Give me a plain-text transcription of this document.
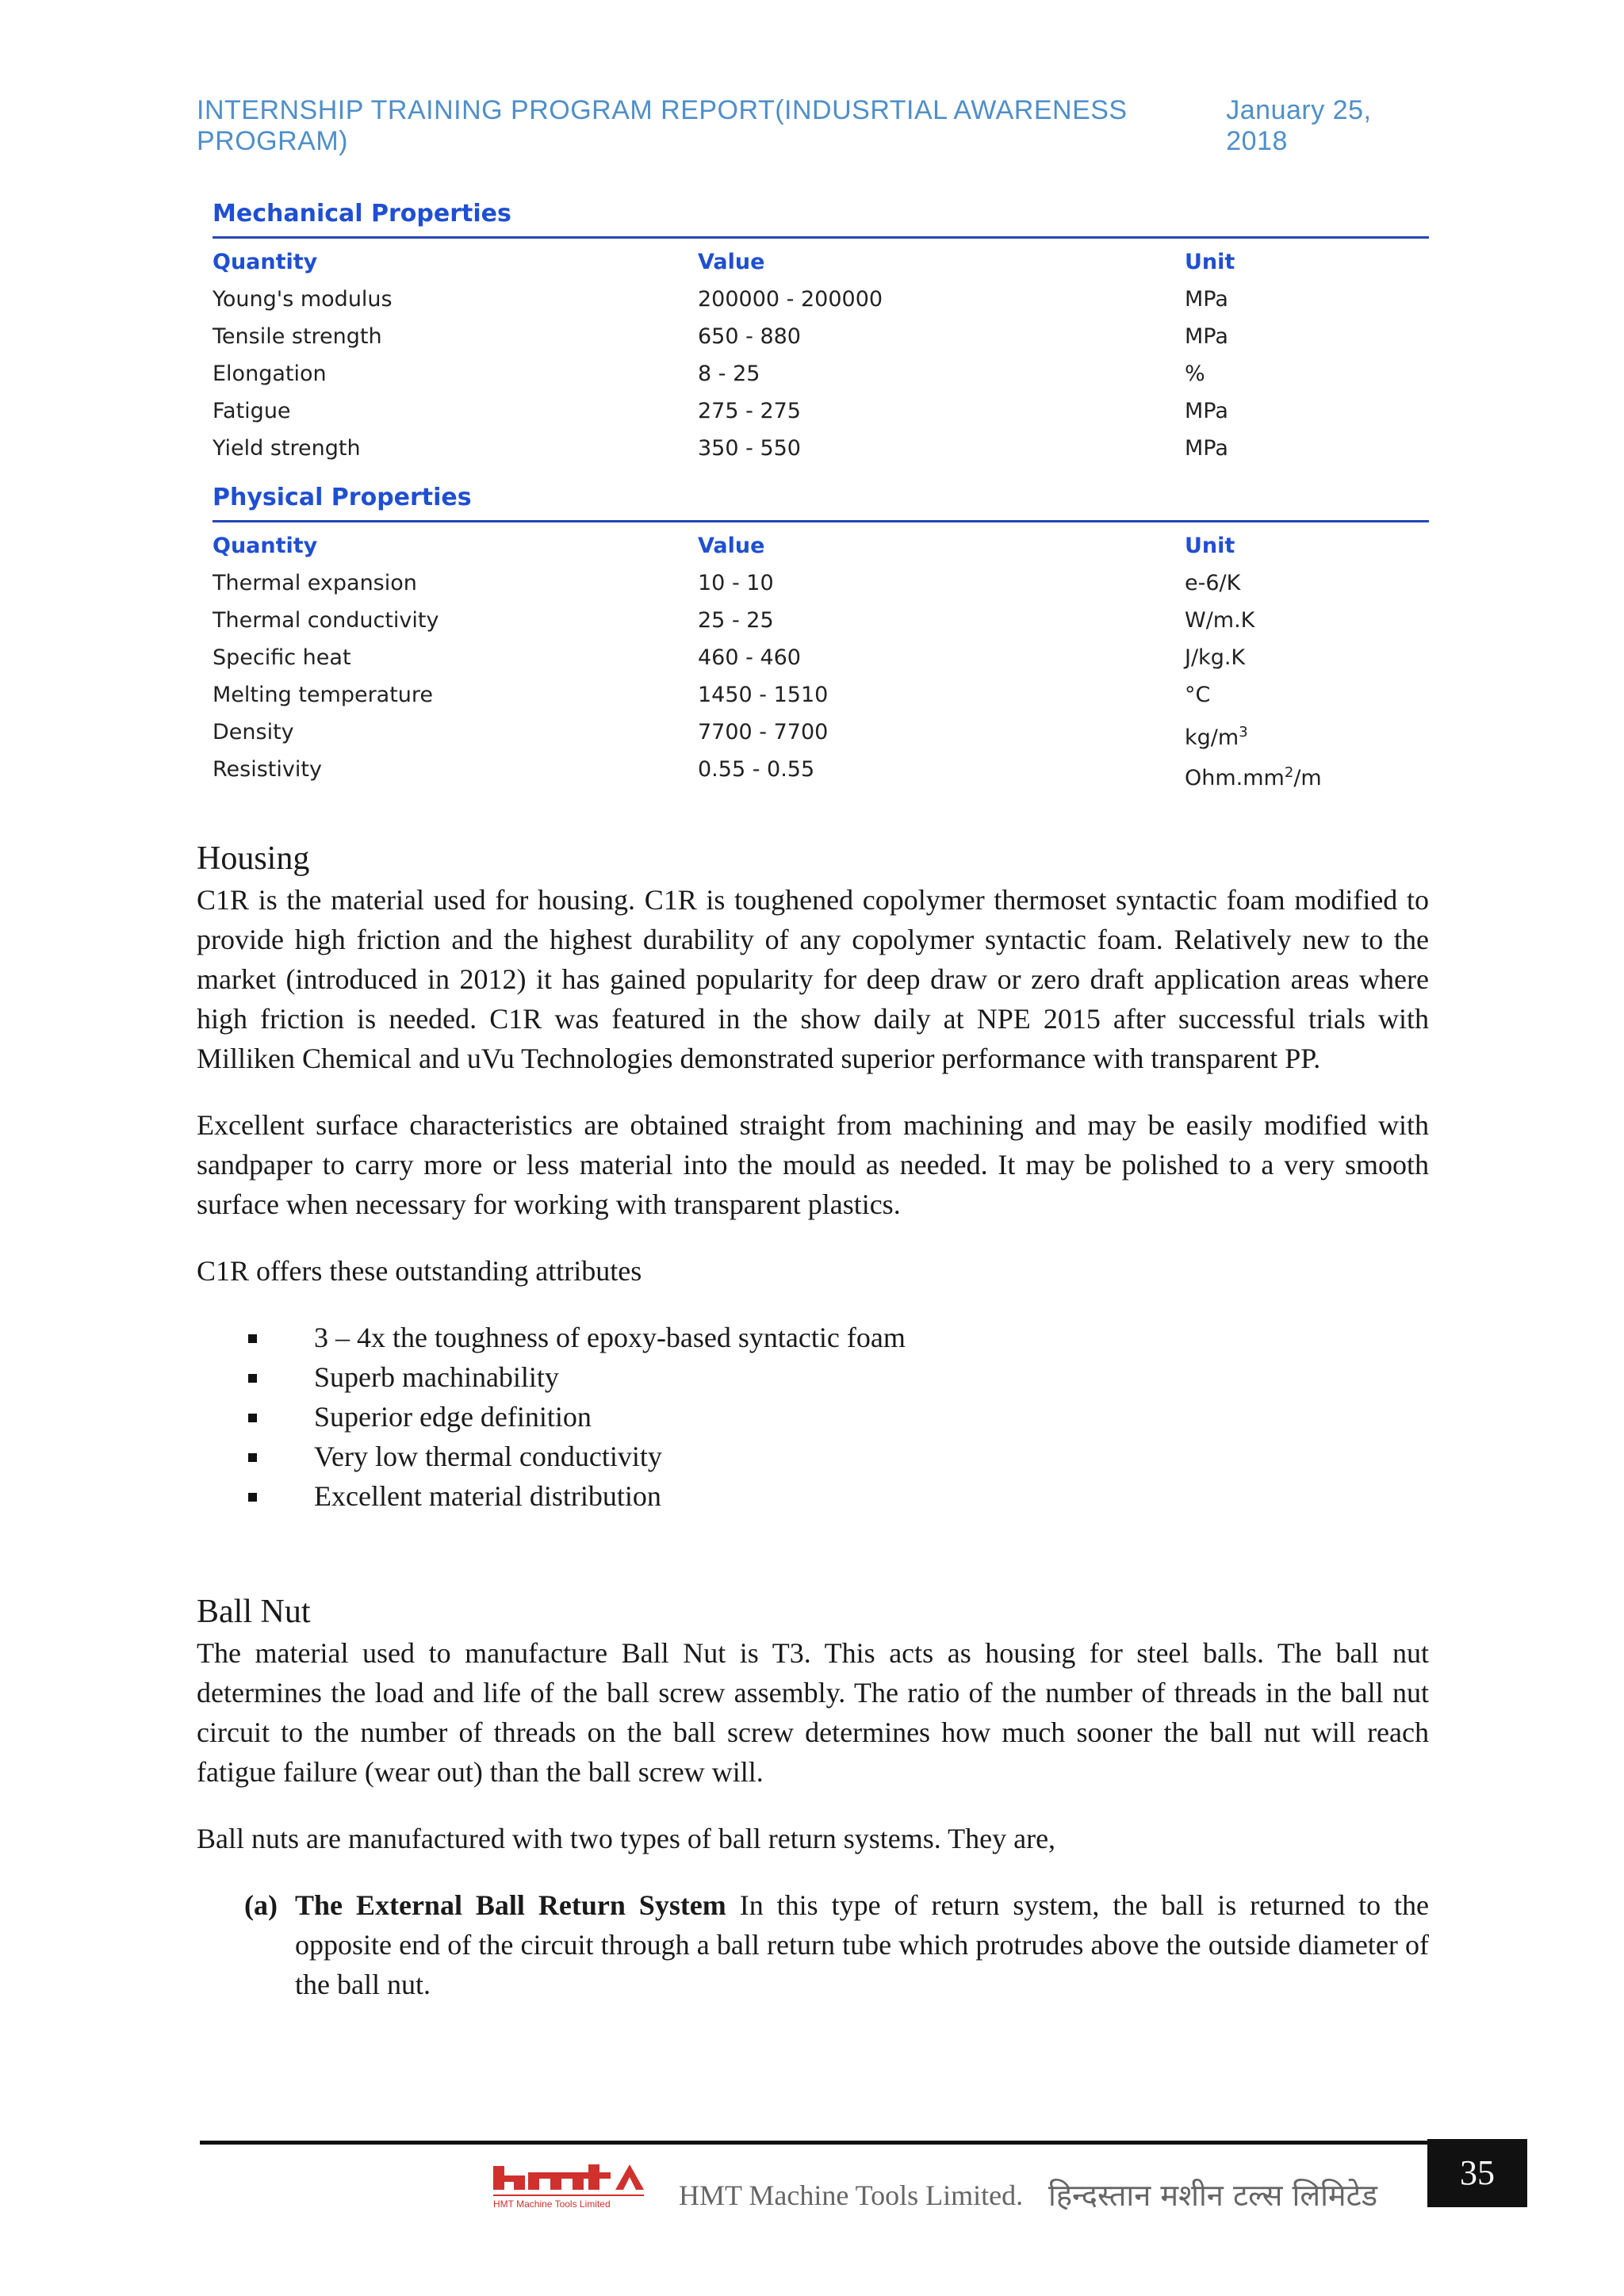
INTERNSHIP TRAINING PROGRAM REPORT(INDUSRTIAL AWARENESS PROGRAM)
January 25, 2018
Mechanical Properties
Quantity	Value	Unit
Young's modulus	200000 - 200000	MPa
Tensile strength	650 - 880	MPa
Elongation	8 - 25	%
Fatigue	275 - 275	MPa
Yield strength	350 - 550	MPa
Physical Properties
Quantity	Value	Unit
Thermal expansion	10 - 10	e-6/K
Thermal conductivity	25 - 25	W/m.K
Specific heat	460 - 460	J/kg.K
Melting temperature	1450 - 1510	°C
Density	7700 - 7700	$kg/m^3$
Resistivity	0.55 - 0.55	$Ohm.mm^2/m$
Housing

C1R is the material used for housing. C1R is toughened copolymer thermoset syntactic foam modified to provide high friction and the highest durability of any copolymer syntactic foam. Relatively new to the market (introduced in 2012) it has gained popularity for deep draw or zero draft application areas where high friction is needed. C1R was featured in the show daily at NPE 2015 after successful trials with Milliken Chemical and uVu Technologies demonstrated superior performance with transparent PP.

Excellent surface characteristics are obtained straight from machining and may be easily modified with sandpaper to carry more or less material into the mould as needed. It may be polished to a very smooth surface when necessary for working with transparent plastics.

C1R offers these outstanding attributes

3 – 4x the toughness of epoxy-based syntactic foam
Superb machinability
Superior edge definition
Very low thermal conductivity
Excellent material distribution
Ball Nut

The material used to manufacture Ball Nut is T3. This acts as housing for steel balls. The ball nut determines the load and life of the ball screw assembly. The ratio of the number of threads in the ball nut circuit to the number of threads on the ball screw determines how much sooner the ball nut will reach fatigue failure (wear out) than the ball screw will.

Ball nuts are manufactured with two types of ball return systems. They are,

(a) The External Ball Return System In this type of return system, the ball is returned to the opposite end of the circuit through a ball return tube which protrudes above the outside diameter of the ball nut.
HMT Machine Tools Limited HMT Machine Tools Limited. हिन्दस्तान मशीन टल्स लिमिटेड
35
